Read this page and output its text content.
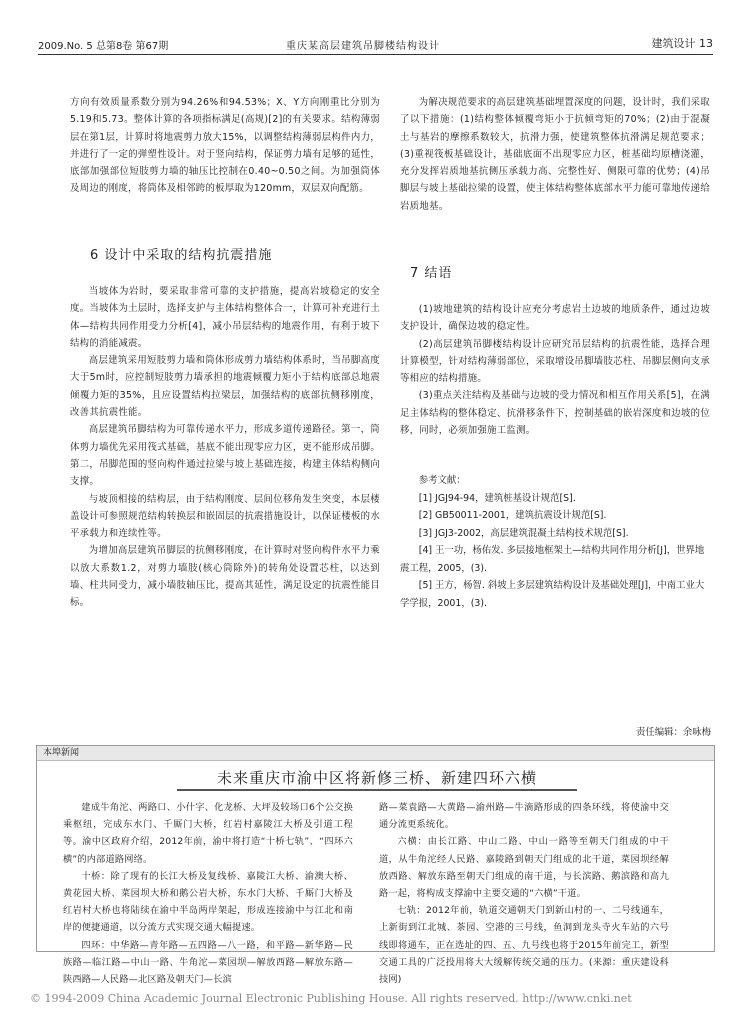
2009.No. 5 总第8卷 第67期	重庆某高层建筑吊脚楼结构设计	建筑设计 13

方向有效质量系数分别为94.26%和94.53%；X、Y方向刚重比分别为5.19和5.73。整体计算的各项指标满足(高规)[2]的有关要求。结构薄弱层在第1层，计算时将地震剪力放大15%，以调整结构薄弱层构件内力，并进行了一定的弹塑性设计。对于竖向结构，保证剪力墙有足够的延性，底部加强部位短肢剪力墙的轴压比控制在0.40~0.50之间。为加强筒体及周边的刚度，将筒体及相邻跨的板厚取为120mm，双层双向配筋。

6 设计中采取的结构抗震措施

当坡体为岩时，要采取非常可靠的支护措施，提高岩坡稳定的安全度。当坡体为土层时，选择支护与主体结构整体合一，计算可补充进行土体—结构共同作用受力分析[4]，减小吊层结构的地震作用，有利于坡下结构的消能减震。

高层建筑采用短肢剪力墙和筒体形成剪力墙结构体系时，当吊脚高度大于5m时，应控制短肢剪力墙承担的地震倾覆力矩小于结构底部总地震倾覆力矩的35%，且应设置结构拉梁层，加强结构的底部抗侧移刚度，改善其抗震性能。

高层建筑吊脚结构为可靠传递水平力，形成多道传递路径。第一，筒体剪力墙优先采用筏式基础，基底不能出现零应力区，更不能形成吊脚。第二，吊脚范围的竖向构件通过拉梁与坡上基础连接，构建主体结构侧向支撑。

与坡顶相接的结构层，由于结构刚度、层间位移角发生突变，本层楼盖设计可参照规范结构转换层和嵌固层的抗震措施设计，以保证楼板的水平承载力和连续性等。

为增加高层建筑吊脚层的抗侧移刚度，在计算时对竖向构件水平力乘以放大系数1.2，对剪力墙肢(核心筒除外)的转角处设置芯柱，以达到墙、柱共同受力，减小墙肢轴压比，提高其延性，满足设定的抗震性能目标。

为解决规范要求的高层建筑基础埋置深度的问题，设计时，我们采取了以下措施：(1)结构整体倾覆弯矩小于抗倾弯矩的70%；(2)由于混凝土与基岩的摩擦系数较大，抗滑力强，使建筑整体抗滑满足规范要求；(3)重视筏板基础设计，基础底面不出现零应力区，桩基础均原槽浇灌，充分发挥岩质地基抗侧压承载力高、完整性好、侧限可靠的优势；(4)吊脚层与坡上基础拉梁的设置，使主体结构整体底部水平力能可靠地传递给岩质地基。

7 结语

(1)坡地建筑的结构设计应充分考虑岩土边坡的地质条件，通过边坡支护设计，确保边坡的稳定性。

(2)高层建筑吊脚楼结构设计应研究吊层结构的抗震性能，选择合理计算模型，针对结构薄弱部位，采取增设吊脚墙肢芯柱、吊脚层侧向支承等相应的结构措施。

(3)重点关注结构及基础与边坡的受力情况和相互作用关系[5]，在满足主体结构的整体稳定、抗滑移条件下，控制基础的嵌岩深度和边坡的位移，同时，必须加强施工监测。

参考文献：

[1] JGJ94-94，建筑桩基设计规范[S].

[2] GB50011-2001，建筑抗震设计规范[S].

[3] JGJ3-2002，高层建筑混凝土结构技术规范[S].

[4] 王一功，杨佑发. 多层接地框架土—结构共同作用分析[J]，世界地震工程，2005，(3).

[5] 王方，杨智. 斜坡上多层建筑结构设计及基础处理[J]，中南工业大学学报，2001，(3).

责任编辑：余咏梅
本埠新闻
未来重庆市渝中区将新修三桥、新建四环六横

建成牛角沱、两路口、小什字、化龙桥、大坪及较场口6个公交换乘枢纽，完成东水门、千厮门大桥，红岩村嘉陵江大桥及引道工程等。渝中区政府介绍，2012年前，渝中将打造“十桥七轨”、“四环六横”的内部道路网络。

十桥：除了现有的长江大桥及复线桥、嘉陵江大桥、渝澳大桥、黄花园大桥、菜园坝大桥和鹅公岩大桥，东水门大桥、千厮门大桥及红岩村大桥也将陆续在渝中半岛两岸架起，形成连接渝中与江北和南岸的便捷通道，以分流方式实现交通大幅提速。

四环：中华路—青年路—五四路—八一路，和平路—新华路—民族路—临江路—中山一路、牛角沱—菜园坝—解放西路—解放东路—陕西路—人民路—北区路及朝天门—长滨

路—菜袁路—大黄路—渝州路—牛滴路形成的四条环线，将使渝中交通分流更系统化。

六横：由长江路、中山二路、中山一路等至朝天门组成的中干道，从牛角沱经人民路、嘉陵路到朝天门组成的北干道，菜园坝经解放西路、解放东路至朝天门组成的南干道，与长滨路、鹅滨路和高九路一起，将构成支撑渝中主要交通的“六横”干道。

七轨：2012年前，轨道交通朝天门到新山村的一、二号线通车，上新街到江北城、茶园、空港的三号线，鱼洞到龙头寺火车站的六号线即将通车，正在选址的四、五、九号线也将于2015年前完工，新型交通工具的广泛投用将大大缓解传统交通的压力。(来源：重庆建设科技网)

© 1994-2009 China Academic Journal Electronic Publishing House. All rights reserved. http://www.cnki.net
